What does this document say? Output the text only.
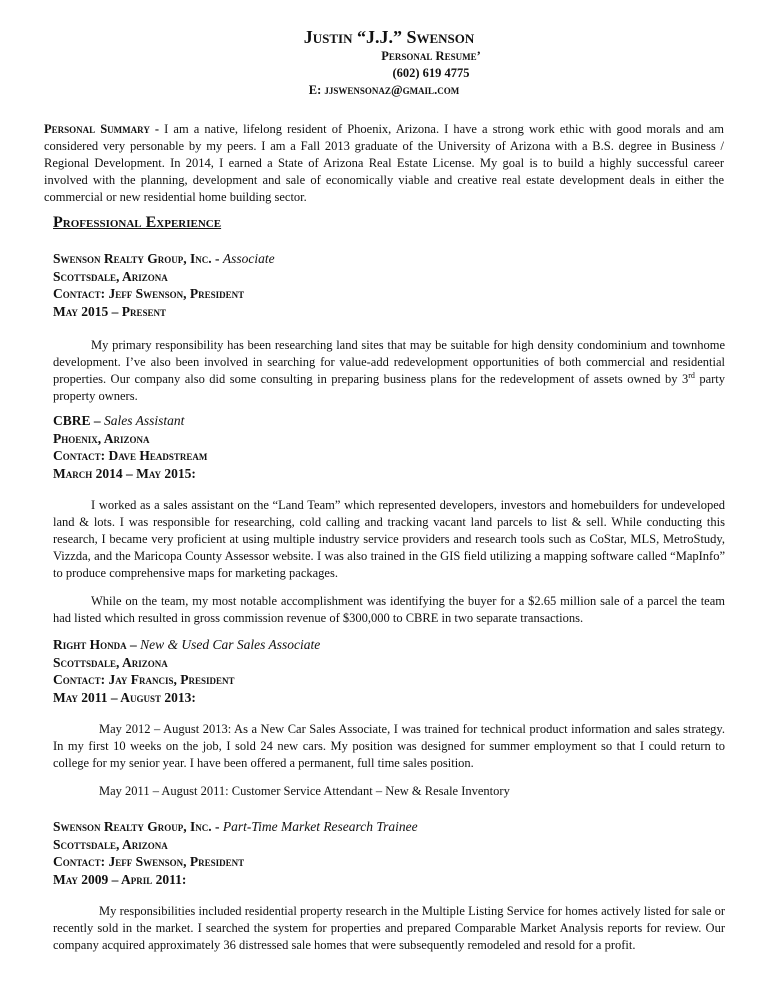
Justin “J.J.” Swenson
Personal Resume’
(602) 619 4775
E: jjswensonaz@gmail.com
Personal Summary - I am a native, lifelong resident of Phoenix, Arizona. I have a strong work ethic with good morals and am considered very personable by my peers. I am a Fall 2013 graduate of the University of Arizona with a B.S. degree in Business / Regional Development. In 2014, I earned a State of Arizona Real Estate License. My goal is to build a highly successful career involved with the planning, development and sale of economically viable and creative real estate development deals in either the commercial or new residential home building sector.
Professional Experience
Swenson Realty Group, Inc. - Associate
Scottsdale, Arizona
Contact: Jeff Swenson, President
May 2015 – Present

My primary responsibility has been researching land sites that may be suitable for high density condominium and townhome development. I’ve also been involved in searching for value-add redevelopment opportunities of both commercial and residential properties. Our company also did some consulting in preparing business plans for the redevelopment of assets owned by 3rd party property owners.

CBRE – Sales Assistant
Phoenix, Arizona
Contact: Dave Headstream
March 2014 – May 2015:

I worked as a sales assistant on the “Land Team” which represented developers, investors and homebuilders for undeveloped land & lots. I was responsible for researching, cold calling and tracking vacant land parcels to list & sell. While conducting this research, I became very proficient at using multiple industry service providers and research tools such as CoStar, MLS, MetroStudy, Vizzda, and the Maricopa County Assessor website. I was also trained in the GIS field utilizing a mapping software called “MapInfo” to produce comprehensive maps for marketing packages.

While on the team, my most notable accomplishment was identifying the buyer for a $2.65 million sale of a parcel the team had listed which resulted in gross commission revenue of $300,000 to CBRE in two separate transactions.

Right Honda – New & Used Car Sales Associate
Scottsdale, Arizona
Contact: Jay Francis, President
May 2011 – August 2013:

May 2012 – August 2013: As a New Car Sales Associate, I was trained for technical product information and sales strategy. In my first 10 weeks on the job, I sold 24 new cars. My position was designed for summer employment so that I could return to college for my senior year. I have been offered a permanent, full time sales position.

May 2011 – August 2011: Customer Service Attendant – New & Resale Inventory

Swenson Realty Group, Inc. - Part-Time Market Research Trainee
Scottsdale, Arizona
Contact: Jeff Swenson, President
May 2009 – April 2011:

My responsibilities included residential property research in the Multiple Listing Service for homes actively listed for sale or recently sold in the market. I searched the system for properties and prepared Comparable Market Analysis reports for review. Our company acquired approximately 36 distressed sale homes that were subsequently remodeled and resold for a profit.
